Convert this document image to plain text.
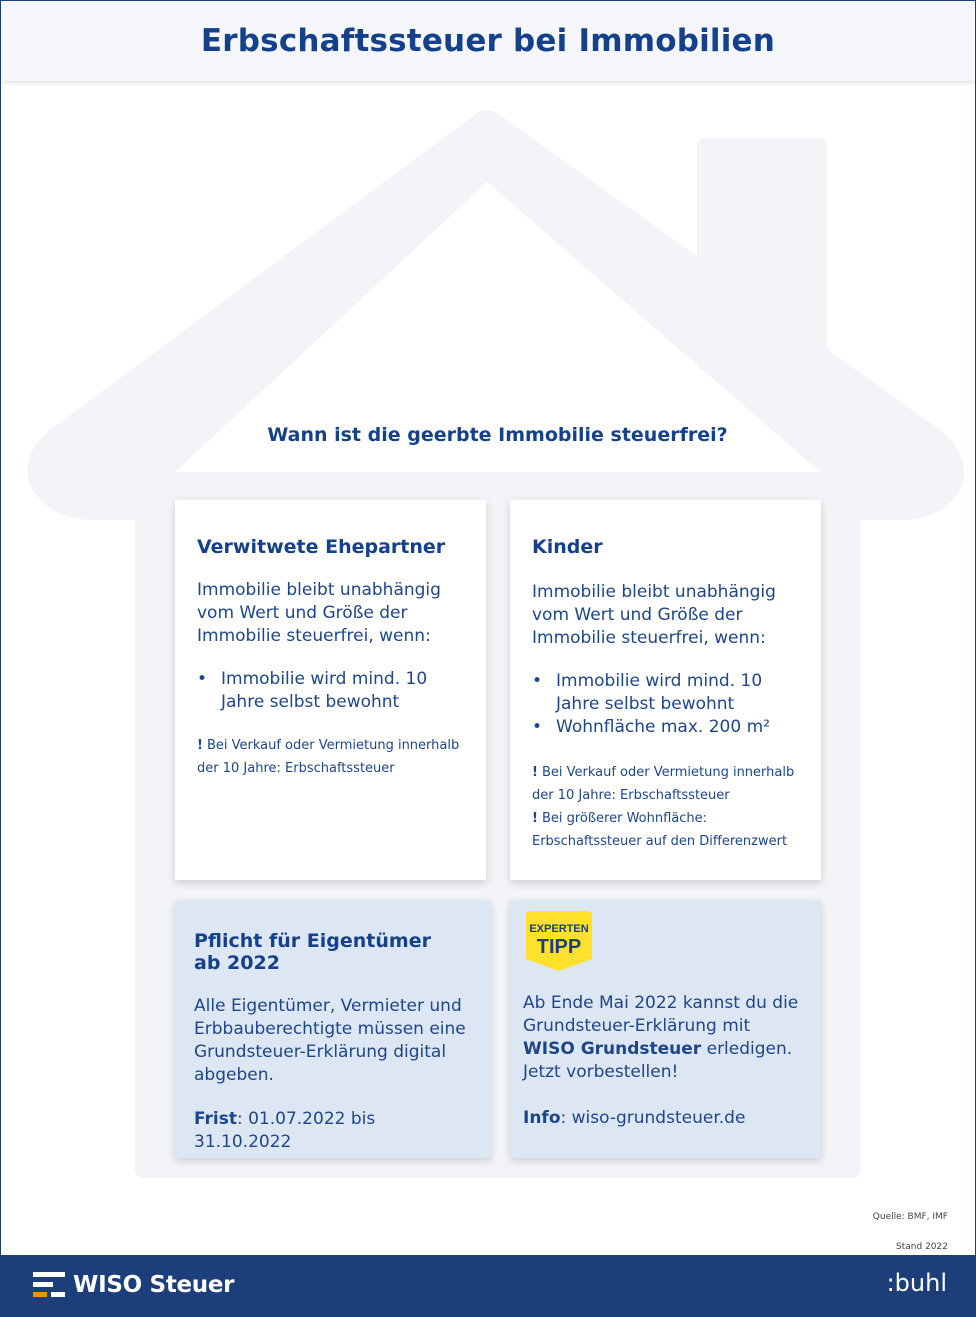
Erbschaftssteuer bei Immobilien
Wann ist die geerbte Immobilie steuerfrei?
Verwitwete Ehepartner
Immobilie bleibt unabhängig vom Wert und Größe der Immobilie steuerfrei, wenn:
• Immobilie wird mind. 10 Jahre selbst bewohnt
! Bei Verkauf oder Vermietung innerhalb der 10 Jahre: Erbschaftssteuer
Kinder
Immobilie bleibt unabhängig vom Wert und Größe der Immobilie steuerfrei, wenn:
• Immobilie wird mind. 10 Jahre selbst bewohnt
• Wohnfläche max. 200 m²
! Bei Verkauf oder Vermietung innerhalb der 10 Jahre: Erbschaftssteuer
! Bei größerer Wohnfläche: Erbschaftssteuer auf den Differenzwert
Pflicht für Eigentümer
ab 2022
Alle Eigentümer, Vermieter und Erbbauberechtigte müssen eine Grundsteuer-Erklärung digital abgeben.
Frist: 01.07.2022 bis 31.10.2022
EXPERTEN
TIPP
Ab Ende Mai 2022 kannst du die Grundsteuer-Erklärung mit WISO Grundsteuer erledigen. Jetzt vorbestellen!
Info: wiso-grundsteuer.de
Quelle: BMF, IMF
Stand 2022
WISO Steuer	:buhl
